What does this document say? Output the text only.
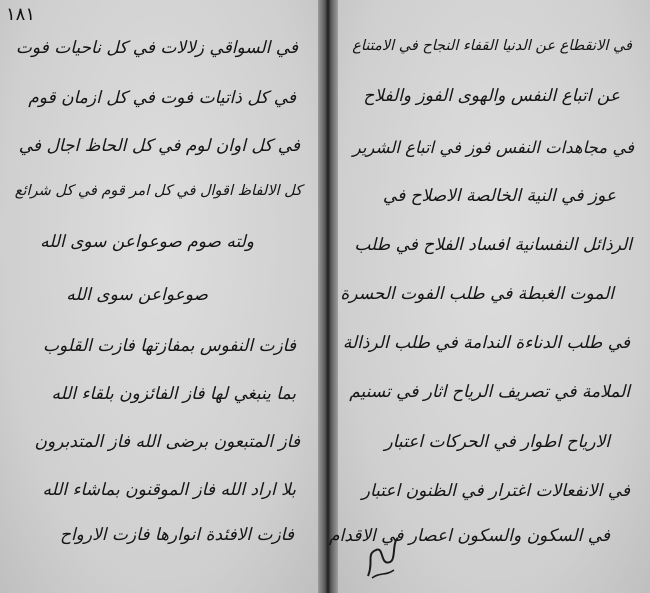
١٨١
في السواقي زلالات في كل ناحيات فوت
في كل ذاتيات فوت في كل ازمان قوم
في كل اوان لوم في كل الحاظ اجال في
كل الالفاظ اقوال في كل امر قوم في كل شرائع
ولته صوم صوعواعن سوى الله
صوعواعن سوى الله
فازت النفوس بمفازتها فازت القلوب
بما ينبغي لها فاز الفائزون بلقاء الله
فاز المتبعون برضى الله فاز المتدبرون
بلا اراد الله فاز الموقنون بماشاء الله
فازت الافئدة انوارها فازت الارواح
في الانقطاع عن الدنيا القفاء النجاح في الامتناع
عن اتباع النفس والهوى الفوز والفلاح
في مجاهدات النفس فوز في اتباع الشرير
عوز في النية الخالصة الاصلاح في
الرذائل النفسانية افساد الفلاح في طلب
الموت الغبطة في طلب الفوت الحسرة
في طلب الدناءة الندامة في طلب الرذالة
الملامة في تصريف الرياح اثار في تسنيم
الارياح اطوار في الحركات اعتبار
في الانفعالات اغترار في الظنون اعتبار
في السكون والسكون اعصار في الاقدام
